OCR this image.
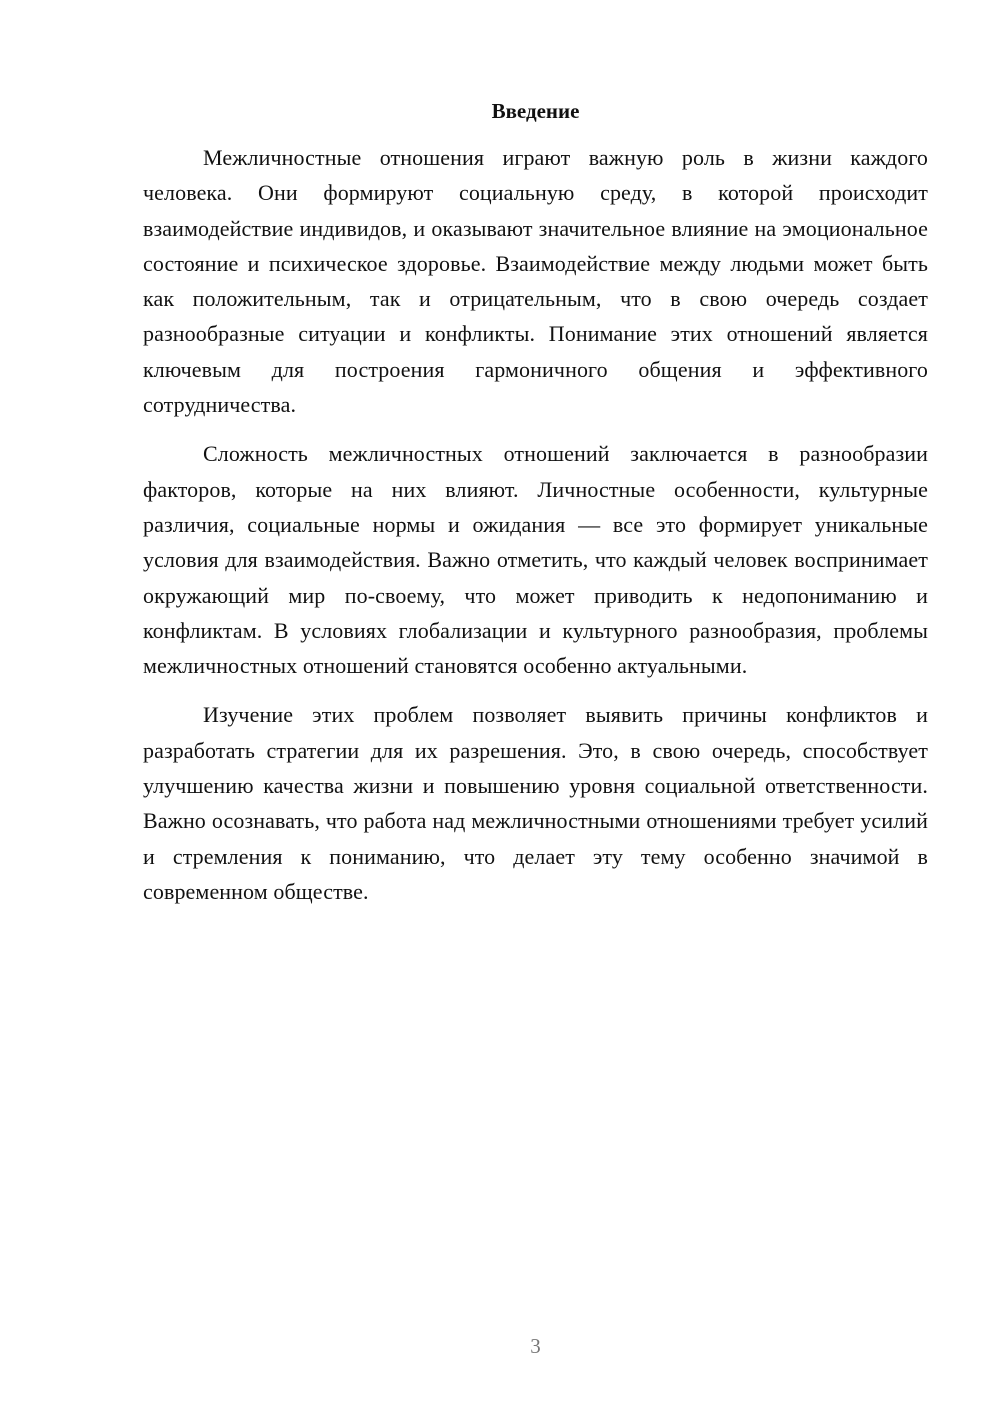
Введение

Межличностные отношения играют важную роль в жизни каждого человека. Они формируют социальную среду, в которой происходит взаимодействие индивидов, и оказывают значительное влияние на эмоциональное состояние и психическое здоровье. Взаимодействие между людьми может быть как положительным, так и отрицательным, что в свою очередь создает разнообразные ситуации и конфликты. Понимание этих отношений является ключевым для построения гармоничного общения и эффективного сотрудничества.

Сложность межличностных отношений заключается в разнообразии факторов, которые на них влияют. Личностные особенности, культурные различия, социальные нормы и ожидания — все это формирует уникальные условия для взаимодействия. Важно отметить, что каждый человек воспринимает окружающий мир по-своему, что может приводить к недопониманию и конфликтам. В условиях глобализации и культурного разнообразия, проблемы межличностных отношений становятся особенно актуальными.

Изучение этих проблем позволяет выявить причины конфликтов и разработать стратегии для их разрешения. Это, в свою очередь, способствует улучшению качества жизни и повышению уровня социальной ответственности. Важно осознавать, что работа над межличностными отношениями требует усилий и стремления к пониманию, что делает эту тему особенно значимой в современном обществе.

3
